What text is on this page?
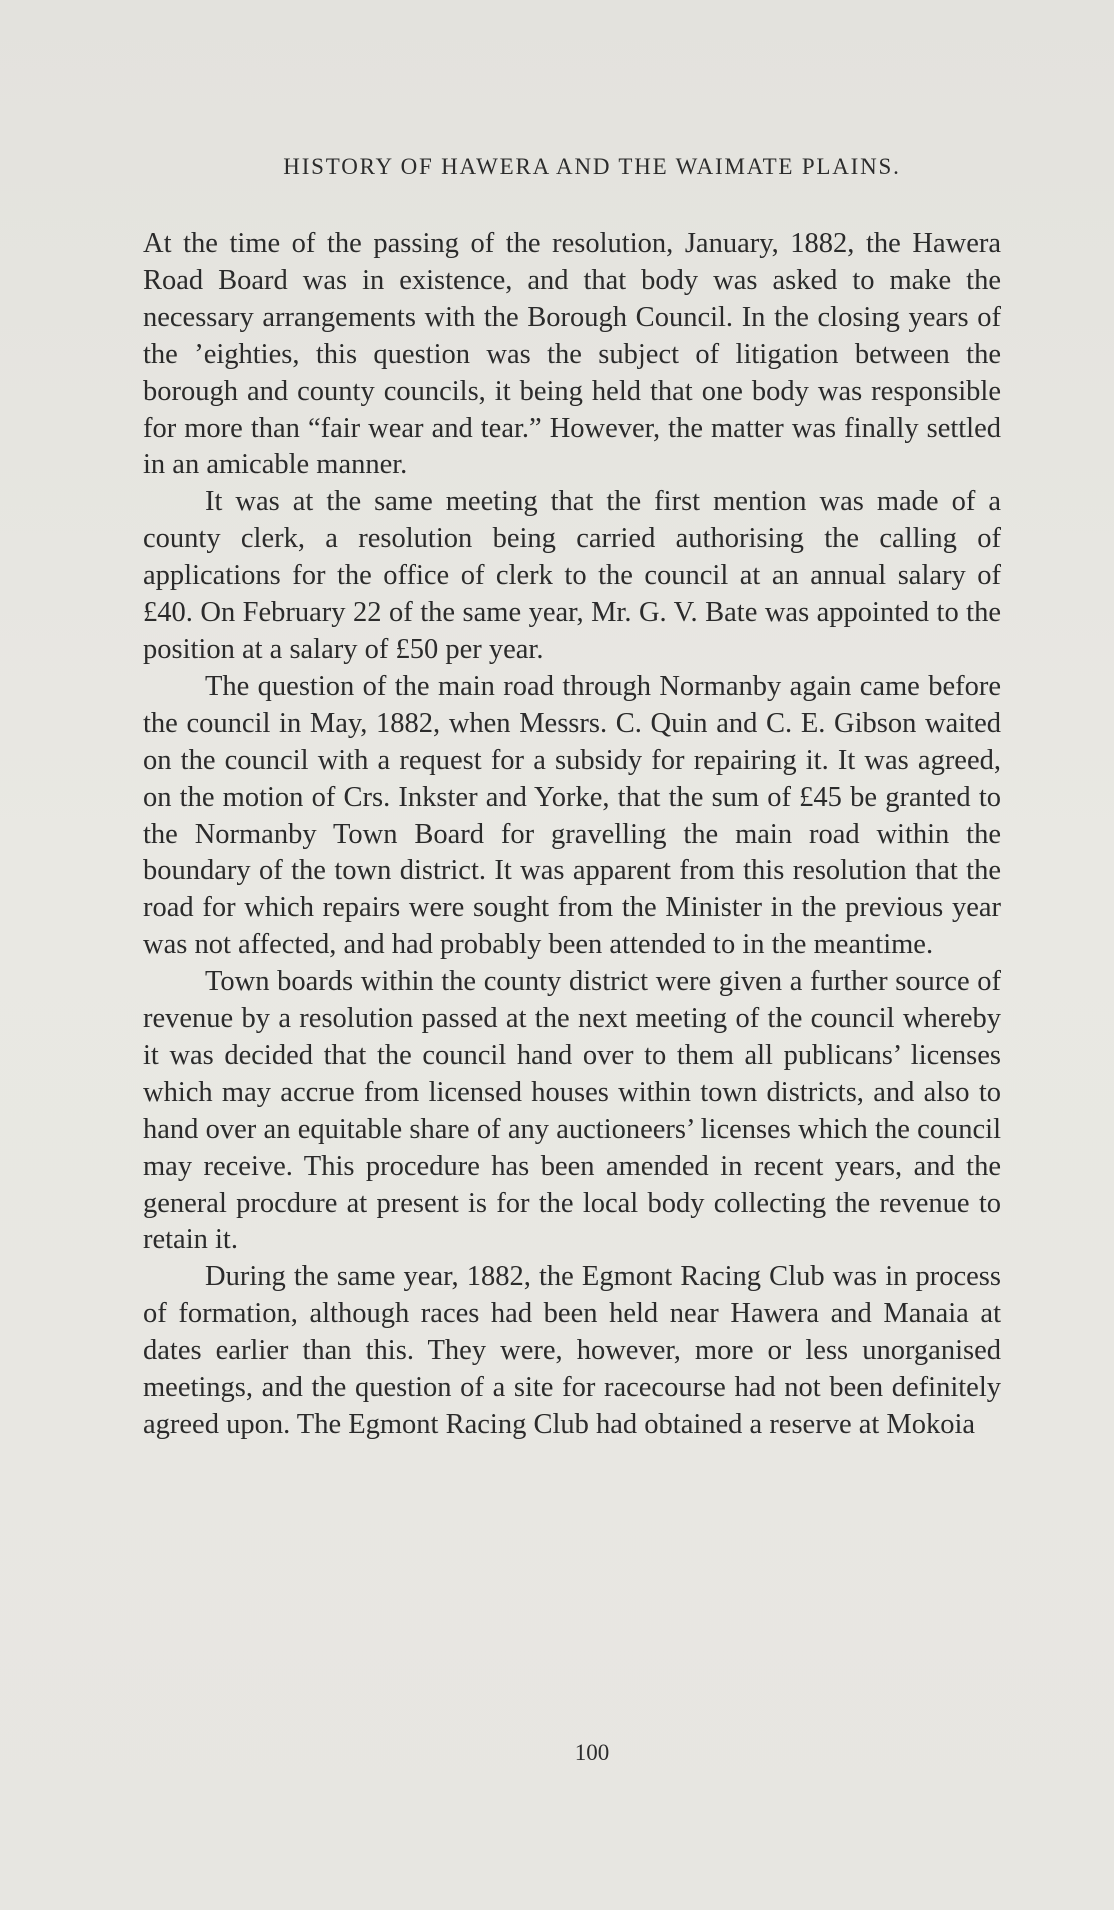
HISTORY OF HAWERA AND THE WAIMATE PLAINS.

At the time of the passing of the resolution, January, 1882, the Hawera Road Board was in existence, and that body was asked to make the necessary arrangements with the Borough Council. In the closing years of the ’eighties, this question was the subject of litigation between the borough and county councils, it being held that one body was responsible for more than “fair wear and tear.” However, the matter was finally settled in an amicable manner.

It was at the same meeting that the first mention was made of a county clerk, a resolution being carried authorising the calling of applications for the office of clerk to the council at an annual salary of £40. On February 22 of the same year, Mr. G. V. Bate was appointed to the position at a salary of £50 per year.

The question of the main road through Normanby again came before the council in May, 1882, when Messrs. C. Quin and C. E. Gibson waited on the council with a request for a subsidy for repairing it. It was agreed, on the motion of Crs. Inkster and Yorke, that the sum of £45 be granted to the Normanby Town Board for gravelling the main road within the boundary of the town district. It was apparent from this resolution that the road for which repairs were sought from the Minister in the previous year was not affected, and had probably been attended to in the meantime.

Town boards within the county district were given a further source of revenue by a resolution passed at the next meeting of the council whereby it was decided that the council hand over to them all publicans’ licenses which may accrue from licensed houses within town districts, and also to hand over an equitable share of any auctioneers’ licenses which the council may receive. This procedure has been amended in recent years, and the general procdure at present is for the local body collecting the revenue to retain it.

During the same year, 1882, the Egmont Racing Club was in process of formation, although races had been held near Hawera and Manaia at dates earlier than this. They were, however, more or less unorganised meetings, and the question of a site for racecourse had not been definitely agreed upon. The Egmont Racing Club had obtained a reserve at Mokoia

100
